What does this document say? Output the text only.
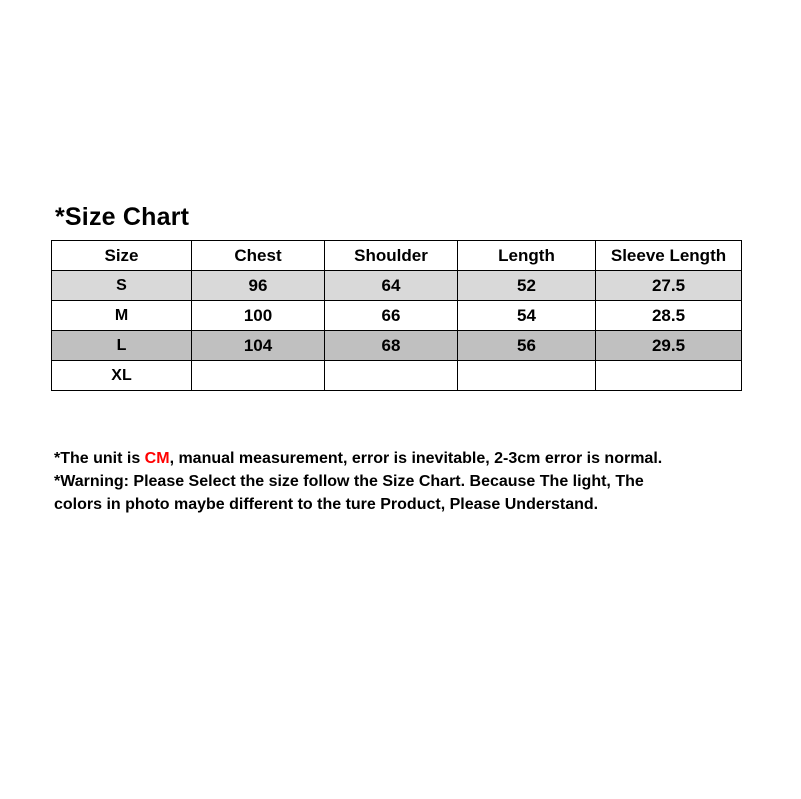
*Size Chart
Size	Chest	Shoulder	Length	Sleeve Length
S	96	64	52	27.5
M	100	66	54	28.5
L	104	68	56	29.5
XL				

*The unit is CM, manual measurement, error is inevitable, 2-3cm error is normal.

*Warning: Please Select the size follow the Size Chart. Because The light, The

colors in photo maybe different to the ture Product, Please Understand.
